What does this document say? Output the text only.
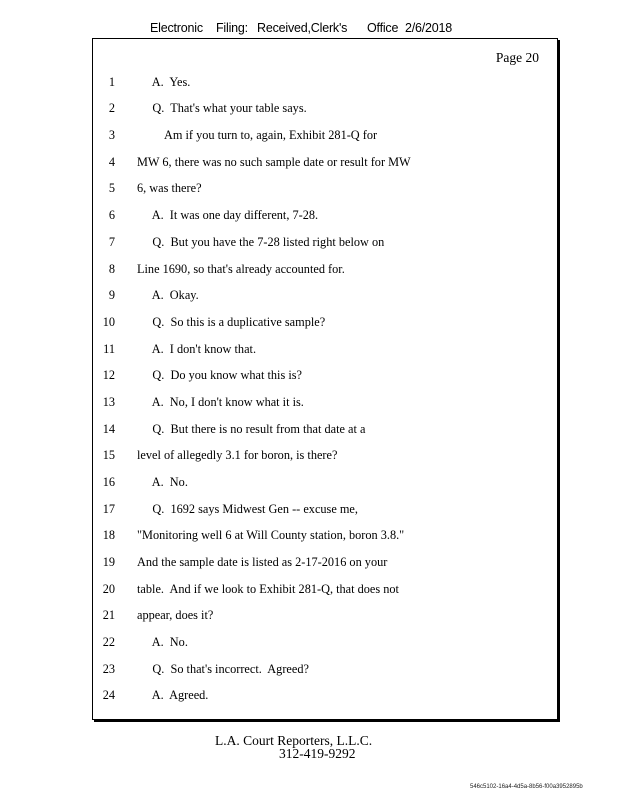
Electronic Filing: Received,Clerk's Office 2/6/2018
Page 20
1 A.  Yes.
2 Q.  That's what your table says.
3 Am if you turn to, again, Exhibit 281-Q for
4 MW 6, there was no such sample date or result for MW
5 6, was there?
6 A.  It was one day different, 7-28.
7 Q.  But you have the 7-28 listed right below on
8 Line 1690, so that's already accounted for.
9 A.  Okay.
10 Q.  So this is a duplicative sample?
11 A.  I don't know that.
12 Q.  Do you know what this is?
13 A.  No, I don't know what it is.
14 Q.  But there is no result from that date at a
15 level of allegedly 3.1 for boron, is there?
16 A.  No.
17 Q.  1692 says Midwest Gen -- excuse me,
18 "Monitoring well 6 at Will County station, boron 3.8."
19 And the sample date is listed as 2-17-2016 on your
20 table.  And if we look to Exhibit 281-Q, that does not
21 appear, does it?
22 A.  No.
23 Q.  So that's incorrect.  Agreed?
24 A.  Agreed.
L.A. Court Reporters, L.L.C.
312-419-9292
546c5102-16a4-4d5a-8b56-f00a3952895b
